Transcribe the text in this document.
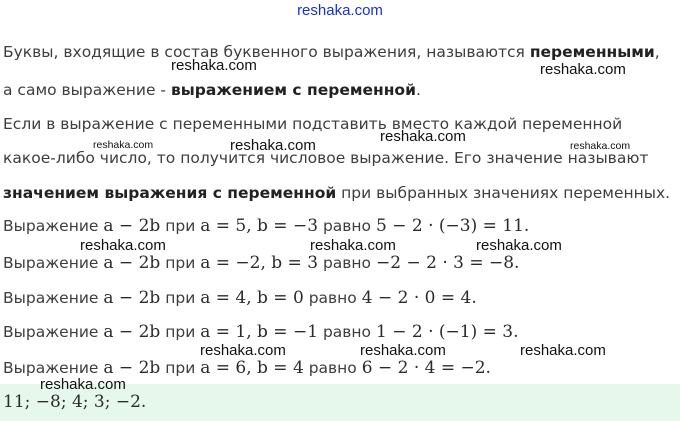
reshaka.com
Буквы, входящие в состав буквенного выражения, называются переменными,
а само выражение - выражением с переменной.
Если в выражение с переменными подставить вместо каждой переменной
какое-либо число, то получится числовое выражение. Его значение называют
значением выражения с переменной при выбранных значениях переменных.
Выражение a − 2b при a = 5, b = −3 равно 5 − 2 · (−3) = 11.
Выражение a − 2b при a = −2, b = 3 равно −2 − 2 · 3 = −8.
Выражение a − 2b при a = 4, b = 0 равно 4 − 2 · 0 = 4.
Выражение a − 2b при a = 1, b = −1 равно 1 − 2 · (−1) = 3.
Выражение a − 2b при a = 6, b = 4 равно 6 − 2 · 4 = −2.
11; −8; 4; 3; −2.
reshaka.com	reshaka.com
reshaka.com	reshaka.com
reshaka.com
reshaka.com
reshaka.com	reshaka.com	reshaka.com
reshaka.com	reshaka.com	reshaka.com
reshaka.com
